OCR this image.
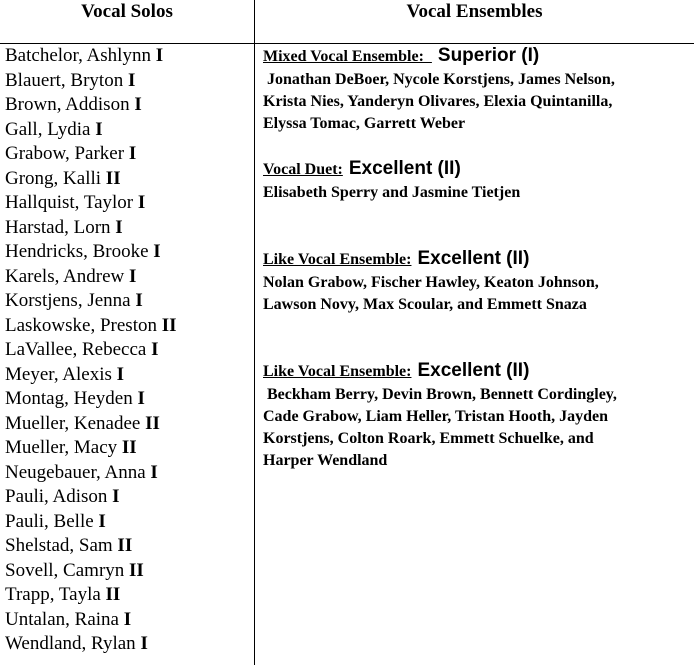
Vocal Solos	Vocal Ensembles
Batchelor, Ashlynn I
Blauert, Bryton I
Brown, Addison I
Gall, Lydia I
Grabow, Parker I
Grong, Kalli II
Hallquist, Taylor I
Harstad, Lorn I
Hendricks, Brooke I
Karels, Andrew I
Korstjens, Jenna I
Laskowske, Preston II
LaVallee, Rebecca I
Meyer, Alexis I
Montag, Heyden I
Mueller, Kenadee II
Mueller, Macy II
Neugebauer, Anna I
Pauli, Adison I
Pauli, Belle I
Shelstad, Sam II
Sovell, Camryn II
Trapp, Tayla II
Untalan, Raina I
Wendland, Rylan I
Mixed Vocal Ensemble:  Superior (I)
Jonathan DeBoer, Nycole Korstjens, James Nelson,
Krista Nies, Yanderyn Olivares, Elexia Quintanilla,
Elyssa Tomac, Garrett Weber
Vocal Duet: Excellent (II)
Elisabeth Sperry and Jasmine Tietjen
Like Vocal Ensemble: Excellent (II)
Nolan Grabow, Fischer Hawley, Keaton Johnson,
Lawson Novy, Max Scoular, and Emmett Snaza
Like Vocal Ensemble: Excellent (II)
Beckham Berry, Devin Brown, Bennett Cordingley,
Cade Grabow, Liam Heller, Tristan Hooth, Jayden
Korstjens, Colton Roark, Emmett Schuelke, and
Harper Wendland
